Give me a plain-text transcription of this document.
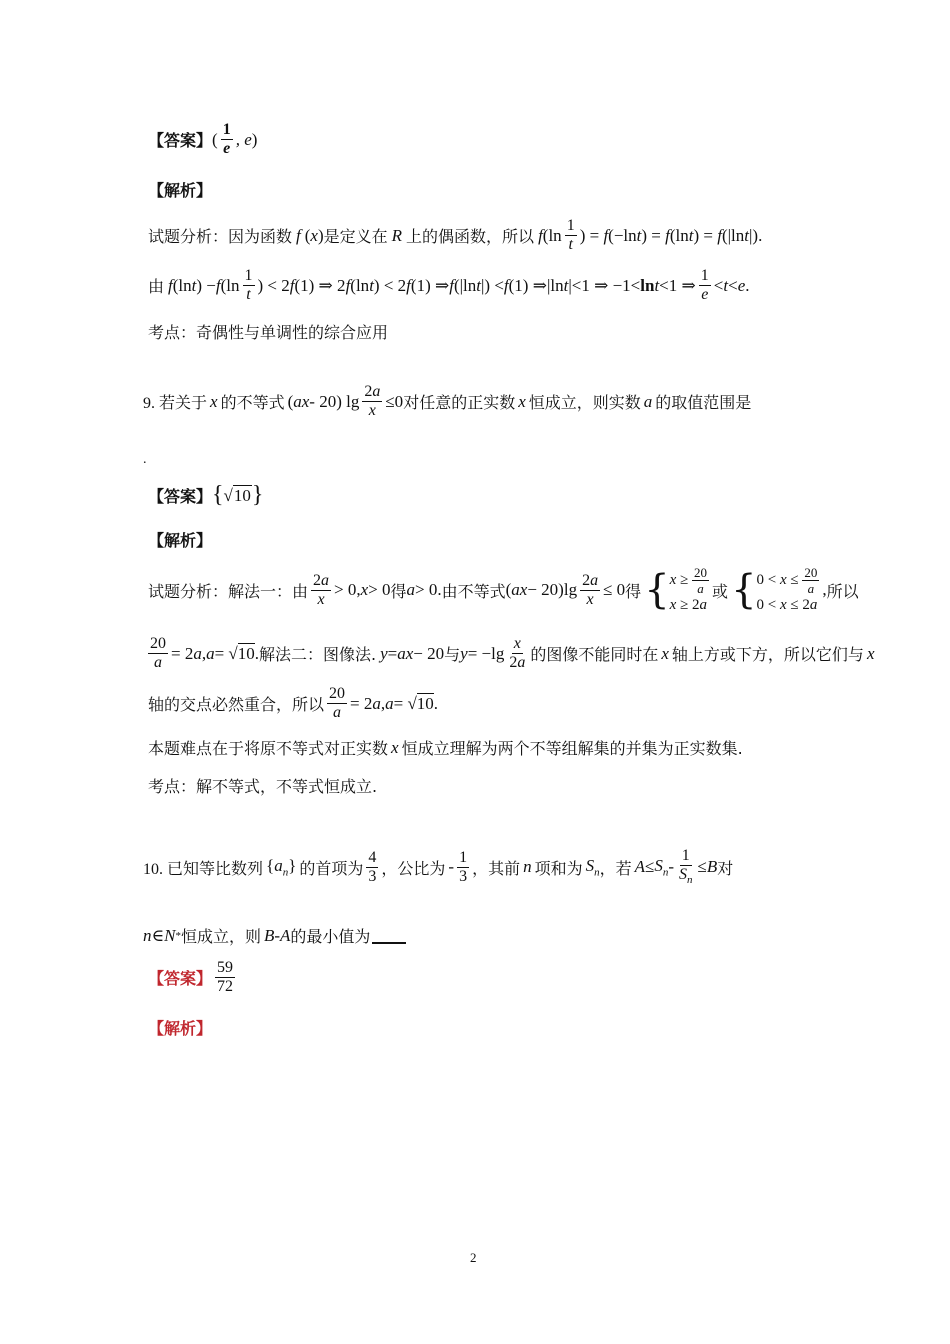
【答案】 ( $\frac{1}{e}$ , e )
【解析】
试题分析：因为函数 f ( x ) 是定义在 R 上的偶函数，所以 f ($\ln \frac{1}{t}$ ) = f (−ln t ) = f (ln t ) = f (|ln t |).
由 f (ln t ) − f ($\ln \frac{1}{t}$ ) < 2 f (1) ⇒ 2 f (ln t ) < 2 f (1) ⇒ f (|ln t |) < f (1) ⇒|ln t |<1 ⇒ −1< ln t <1 ⇒ $\frac{1}{e} < t < e$ .
考点：奇偶性与单调性的综合应用
9. 若关于 x 的不等式 ( ax - 20) $\lg \frac{2a}{x} \le 0$ 对任意的正实数 x 恒成立，则实数 a 的取值范围是
.
【答案】 { √ 10 }
【解析】
试题分析：解法一：由 $\frac{2a}{x} > 0$, x > 0 得 a > 0. 由不等式 ( ax − $20)\lg \frac{2a}{x} \le 0$ 得 { $x \ge \frac{20}{a}$
x ≥ 2a
或 { $0 < x \le \frac{20}{a}$
0 < x ≤ 2a
, 所以
$\frac{20}{a} = 2$ a , a = √ 10 . 解法二：图像法. y = ax − 20 与 $y = -\lg \frac{x}{2a}$ 的图像不能同时在 x 轴上方或下方，所以它们与 x
轴的交点必然重合，所以 $\frac{20}{a} = 2$ a , a = √ 10 .
本题难点在于将原不等式对正实数 x 恒成立理解为两个不等组解集的并集为正实数集.
考点：解不等式，不等式恒成立.
10. 已知等比数列 $\{a_n\}$ 的首项为 $\frac{4}{3}$ ，公比为 - $\frac{1}{3}$ ，其前 n 项和为 $S_n$ ，若 $A \le S_n - \frac{1}{S_n} \le B$ 对
n ∈ N * 恒成立，则 B - A 的最小值为
【答案】 $\frac{59}{72}$
【解析】
2
